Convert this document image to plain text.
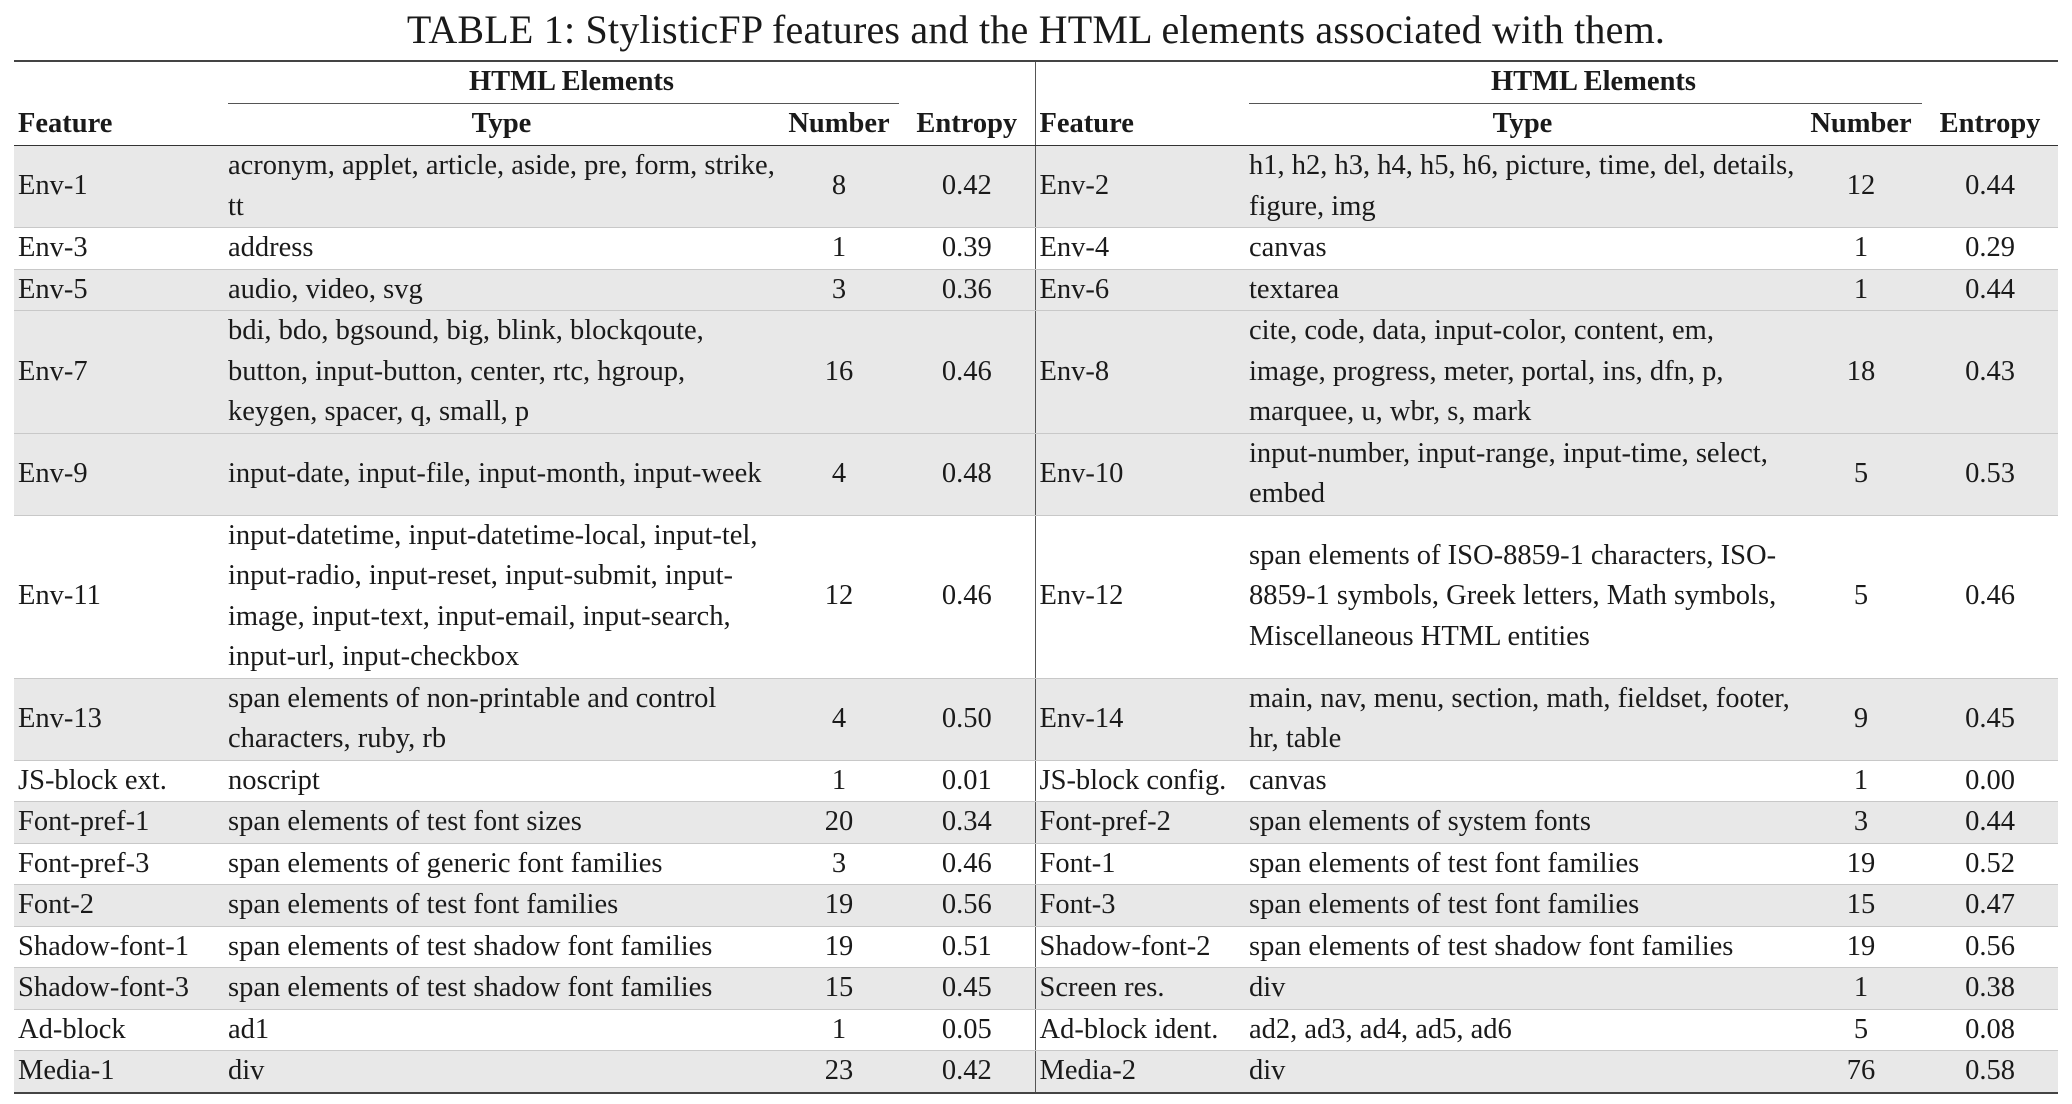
TABLE 1: StylisticFP features and the HTML elements associated with them.

	HTML Elements				HTML Elements		

Feature	Type	Number	Entropy	Feature	Type	Number	Entropy
Env-1	acronym, applet, article, aside, pre, form, strike, tt	8	0.42	Env-2	h1, h2, h3, h4, h5, h6, picture, time, del, details, figure, img	12	0.44
Env-3	address	1	0.39	Env-4	canvas	1	0.29
Env-5	audio, video, svg	3	0.36	Env-6	textarea	1	0.44
Env-7	bdi, bdo, bgsound, big, blink, blockqoute, button, input-button, center, rtc, hgroup, keygen, spacer, q, small, p	16	0.46	Env-8	cite, code, data, input-color, content, em, image, progress, meter, portal, ins, dfn, p, marquee, u, wbr, s, mark	18	0.43
Env-9	input-date, input-file, input-month, input-week	4	0.48	Env-10	input-number, input-range, input-time, select, embed	5	0.53
Env-11	input-datetime, input-datetime-local, input-tel, input-radio, input-reset, input-submit, input-image, input-text, input-email, input-search, input-url, input-checkbox	12	0.46	Env-12	span elements of ISO-8859-1 characters, ISO-8859-1 symbols, Greek letters, Math symbols, Miscellaneous HTML entities	5	0.46
Env-13	span elements of non-printable and control characters, ruby, rb	4	0.50	Env-14	main, nav, menu, section, math, fieldset, footer, hr, table	9	0.45
JS-block ext.	noscript	1	0.01	JS-block config.	canvas	1	0.00
Font-pref-1	span elements of test font sizes	20	0.34	Font-pref-2	span elements of system fonts	3	0.44
Font-pref-3	span elements of generic font families	3	0.46	Font-1	span elements of test font families	19	0.52
Font-2	span elements of test font families	19	0.56	Font-3	span elements of test font families	15	0.47
Shadow-font-1	span elements of test shadow font families	19	0.51	Shadow-font-2	span elements of test shadow font families	19	0.56
Shadow-font-3	span elements of test shadow font families	15	0.45	Screen res.	div	1	0.38
Ad-block	ad1	1	0.05	Ad-block ident.	ad2, ad3, ad4, ad5, ad6	5	0.08
Media-1	div	23	0.42	Media-2	div	76	0.58
